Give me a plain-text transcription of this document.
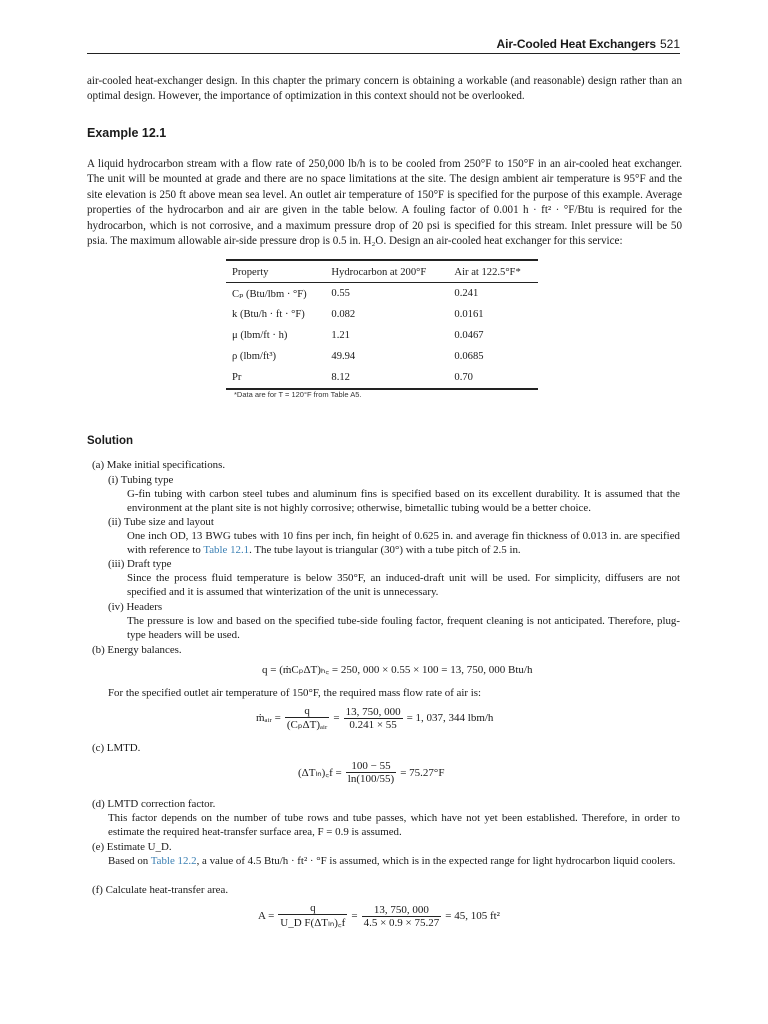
Air-Cooled Heat Exchangers 521
air-cooled heat-exchanger design. In this chapter the primary concern is obtaining a workable (and reasonable) design rather than an optimal design. However, the importance of optimization in this context should not be overlooked.
Example 12.1
A liquid hydrocarbon stream with a flow rate of 250,000 lb/h is to be cooled from 250°F to 150°F in an air-cooled heat exchanger. The unit will be mounted at grade and there are no space limitations at the site. The design ambient air temperature is 95°F and the site elevation is 250 ft above mean sea level. An outlet air temperature of 150°F is specified for the purpose of this example. Average properties of the hydrocarbon and air are given in the table below. A fouling factor of 0.001 h · ft² · °F/Btu is required for the hydrocarbon, which is not corrosive, and a maximum pressure drop of 20 psi is specified for this stream. Inlet pressure will be 50 psia. The maximum allowable air-side pressure drop is 0.5 in. H₂O. Design an air-cooled heat exchanger for this service:
Property	Hydrocarbon at 200°F	Air at 122.5°F*
Cₚ (Btu/lbm · °F)	0.55	0.241
k (Btu/h · ft · °F)	0.082	0.0161
μ (lbm/ft · h)	1.21	0.0467
ρ (lbm/ft³)	49.94	0.0685
Pr	8.12	0.70
*Data are for T = 120°F from Table A5.
Solution
(a) Make initial specifications.
(i) Tubing type
G-fin tubing with carbon steel tubes and aluminum fins is specified based on its excellent durability. It is assumed that the environment at the plant site is not highly corrosive; otherwise, bimetallic tubing would be a better choice.
(ii) Tube size and layout
One inch OD, 13 BWG tubes with 10 fins per inch, fin height of 0.625 in. and average fin thickness of 0.013 in. are specified with reference to Table 12.1. The tube layout is triangular (30°) with a tube pitch of 2.5 in.
(iii) Draft type
Since the process fluid temperature is below 350°F, an induced-draft unit will be used. For simplicity, diffusers are not specified and it is assumed that winterization of the unit is unnecessary.
(iv) Headers
The pressure is low and based on the specified tube-side fouling factor, frequent cleaning is not anticipated. Therefore, plug-type headers will be used.
(b) Energy balances.
q = (ṁCₚΔT)ₕ꜀ = 250, 000 × 0.55 × 100 = 13, 750, 000 Btu/h
For the specified outlet air temperature of 150°F, the required mass flow rate of air is:
ṁₐᵢᵣ = $\frac{q}{\text{(CₚΔT)ₐᵢᵣ}} = \frac{13, 750, 000}{0.241 \times 55} = 1$, 037, 344 lbm/h
(c) LMTD.
(ΔTₗₙ)꜀f = $\frac{100 - 55}{\ln(100/55)} = 75.27^\circ F$
(d) LMTD correction factor.
This factor depends on the number of tube rows and tube passes, which have not yet been established. Therefore, in order to estimate the required heat-transfer surface area, F = 0.9 is assumed.
(e) Estimate U_D.
Based on Table 12.2, a value of 4.5 Btu/h · ft² · °F is assumed, which is in the expected range for light hydrocarbon liquid coolers.
(f) Calculate heat-transfer area.
$A = \frac{q}{\text{U\_D F(ΔTₗₙ)꜀f}} = \frac{13, 750, 000}{4.5 \times 0.9 \times 75.27} = 45$, 105 ft²
